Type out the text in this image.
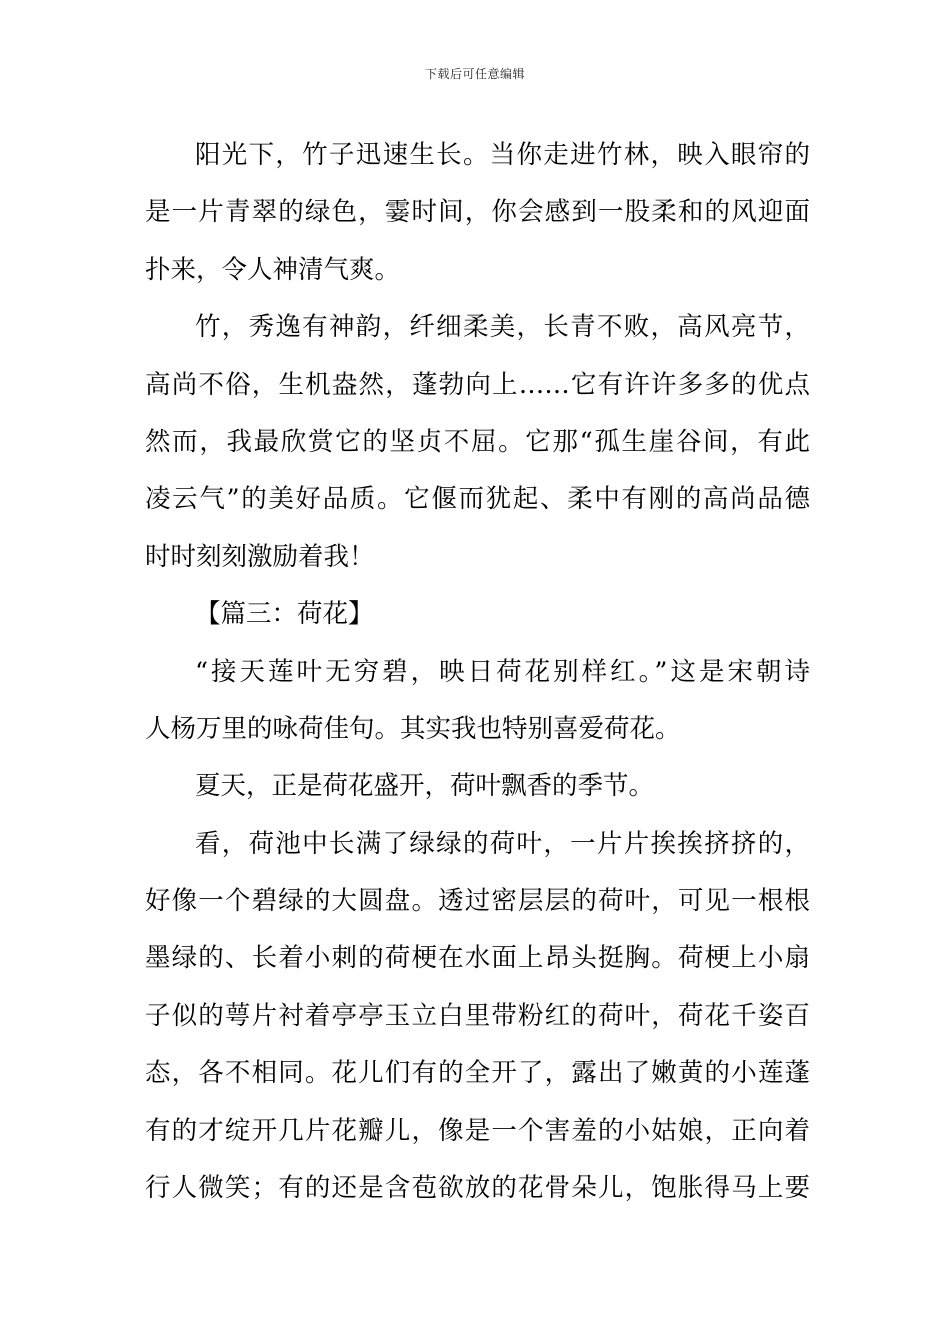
下载后可任意编辑
阳光下，竹子迅速生长。当你走进竹林，映入眼帘的
是一片青翠的绿色，霎时间，你会感到一股柔和的风迎面
扑来，令人神清气爽。
竹，秀逸有神韵，纤细柔美，长青不败，高风亮节，
高尚不俗，生机盎然，蓬勃向上……它有许许多多的优点
然而，我最欣赏它的坚贞不屈。它那“孤生崖谷间，有此
凌云气”的美好品质。它偃而犹起、柔中有刚的高尚品德
时时刻刻激励着我！
【篇三：荷花】
“接天莲叶无穷碧，映日荷花别样红。”这是宋朝诗
人杨万里的咏荷佳句。其实我也特别喜爱荷花。
夏天，正是荷花盛开，荷叶飘香的季节。
看，荷池中长满了绿绿的荷叶，一片片挨挨挤挤的，
好像一个碧绿的大圆盘。透过密层层的荷叶，可见一根根
墨绿的、长着小刺的荷梗在水面上昂头挺胸。荷梗上小扇
子似的萼片衬着亭亭玉立白里带粉红的荷叶，荷花千姿百
态，各不相同。花儿们有的全开了，露出了嫩黄的小莲蓬
有的才绽开几片花瓣儿，像是一个害羞的小姑娘，正向着
行人微笑；有的还是含苞欲放的花骨朵儿，饱胀得马上要
